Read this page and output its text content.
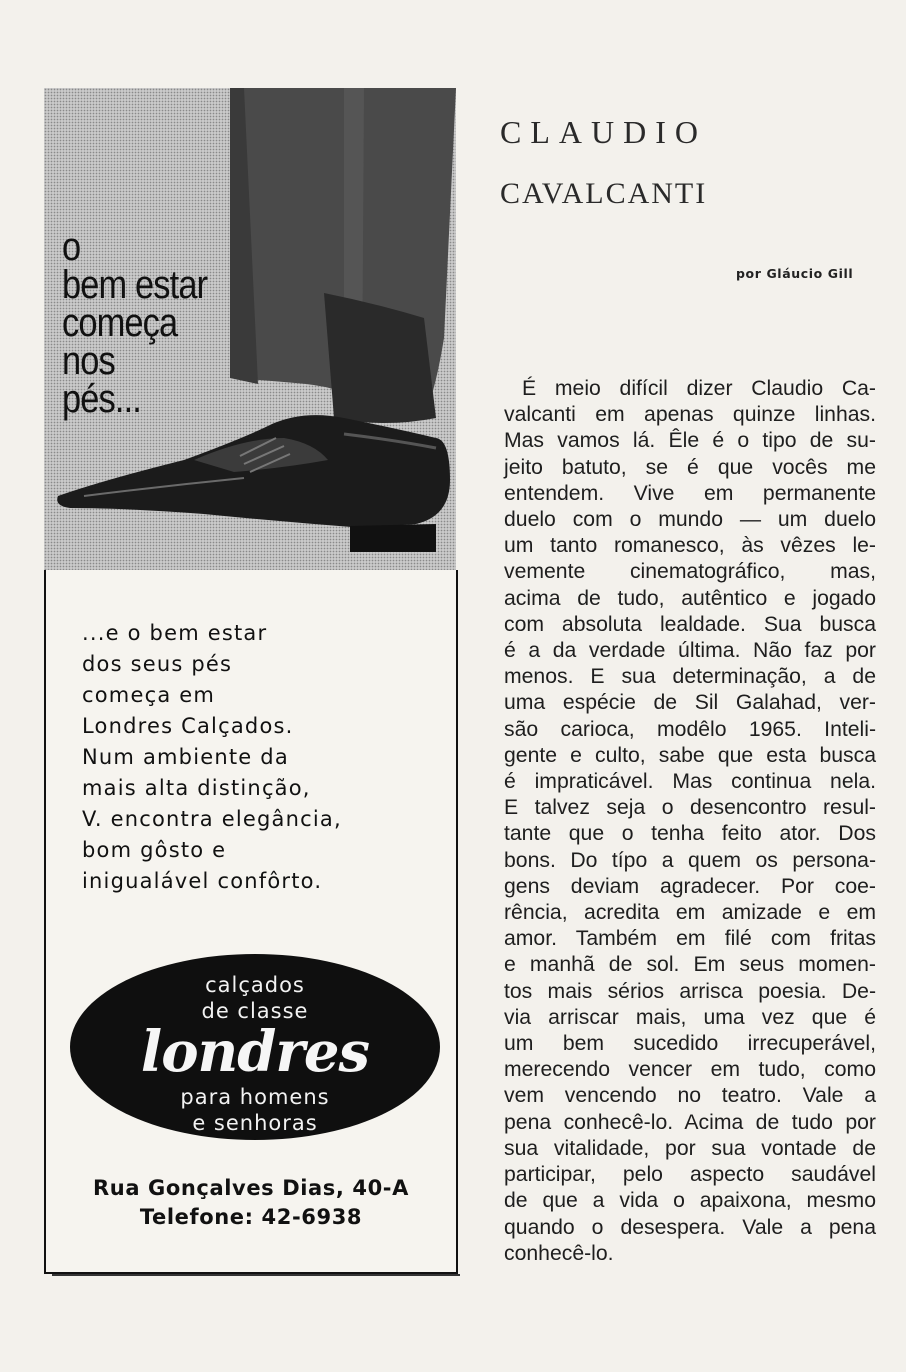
o
bem estar
começa
nos
pés...
...e o bem estar
dos seus pés
começa em
Londres Calçados.
Num ambiente da
mais alta distinção,
V. encontra elegância,
bom gôsto e
inigualável confôrto.
calçados
de classe
londres
para homens
e senhoras
Rua Gonçalves Dias, 40-A
Telefone: 42-6938
CLAUDIO
CAVALCANTI
por Gláucio Gill
É meio difícil dizer Claudio Ca-
valcanti em apenas quinze linhas.
Mas vamos lá. Êle é o tipo de su-
jeito batuto, se é que vocês me
entendem. Vive em permanente
duelo com o mundo — um duelo
um tanto romanesco, às vêzes le-
vemente cinematográfico, mas,
acima de tudo, autêntico e jogado
com absoluta lealdade. Sua busca
é a da verdade última. Não faz por
menos. E sua determinação, a de
uma espécie de Sil Galahad, ver-
são carioca, modêlo 1965. Inteli-
gente e culto, sabe que esta busca
é impraticável. Mas continua nela.
E talvez seja o desencontro resul-
tante que o tenha feito ator. Dos
bons. Do típo a quem os persona-
gens deviam agradecer. Por coe-
rência, acredita em amizade e em
amor. Também em filé com fritas
e manhã de sol. Em seus momen-
tos mais sérios arrisca poesia. De-
via arriscar mais, uma vez que é
um bem sucedido irrecuperável,
merecendo vencer em tudo, como
vem vencendo no teatro. Vale a
pena conhecê-lo. Acima de tudo por
sua vitalidade, por sua vontade de
participar, pelo aspecto saudável
de que a vida o apaixona, mesmo
quando o desespera. Vale a pena
conhecê-lo.
